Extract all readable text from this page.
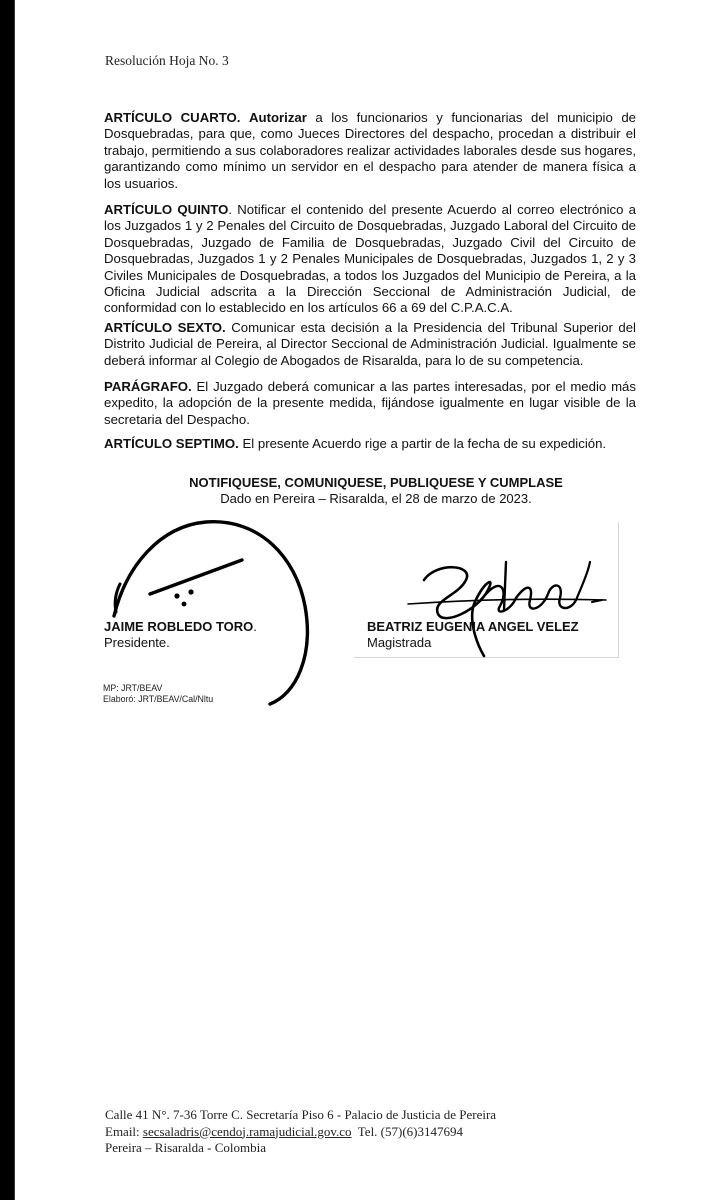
Resolución Hoja No. 3

ARTÍCULO CUARTO. Autorizar a los funcionarios y funcionarias del municipio de Dosquebradas, para que, como Jueces Directores del despacho, procedan a distribuir el trabajo, permitiendo a sus colaboradores realizar actividades laborales desde sus hogares, garantizando como mínimo un servidor en el despacho para atender de manera física a los usuarios.

ARTÍCULO QUINTO. Notificar el contenido del presente Acuerdo al correo electrónico a los Juzgados 1 y 2 Penales del Circuito de Dosquebradas, Juzgado Laboral del Circuito de Dosquebradas, Juzgado de Familia de Dosquebradas, Juzgado Civil del Circuito de Dosquebradas, Juzgados 1 y 2 Penales Municipales de Dosquebradas, Juzgados 1, 2 y 3 Civiles Municipales de Dosquebradas, a todos los Juzgados del Municipio de Pereira, a la Oficina Judicial adscrita a la Dirección Seccional de Administración Judicial, de conformidad con lo establecido en los artículos 66 a 69 del C.P.A.C.A.

ARTÍCULO SEXTO. Comunicar esta decisión a la Presidencia del Tribunal Superior del Distrito Judicial de Pereira, al Director Seccional de Administración Judicial. Igualmente se deberá informar al Colegio de Abogados de Risaralda, para lo de su competencia.

PARÁGRAFO. El Juzgado deberá comunicar a las partes interesadas, por el medio más expedito, la adopción de la presente medida, fijándose igualmente en lugar visible de la secretaria del Despacho.

ARTÍCULO SEPTIMO. El presente Acuerdo rige a partir de la fecha de su expedición.

NOTIFIQUESE, COMUNIQUESE, PUBLIQUESE Y CUMPLASE
Dado en Pereira – Risaralda, el 28 de marzo de 2023.
JAIME ROBLEDO TORO.
Presidente.
BEATRIZ EUGENIA ANGEL VELEZ
Magistrada
MP: JRT/BEAV
Elaboró: JRT/BEAV/Cal/Nltu
Calle 41 N°. 7-36 Torre C. Secretaría Piso 6 - Palacio de Justicia de Pereira
Email: secsaladris@cendoj.ramajudicial.gov.co  Tel. (57)(6)3147694
Pereira – Risaralda - Colombia
